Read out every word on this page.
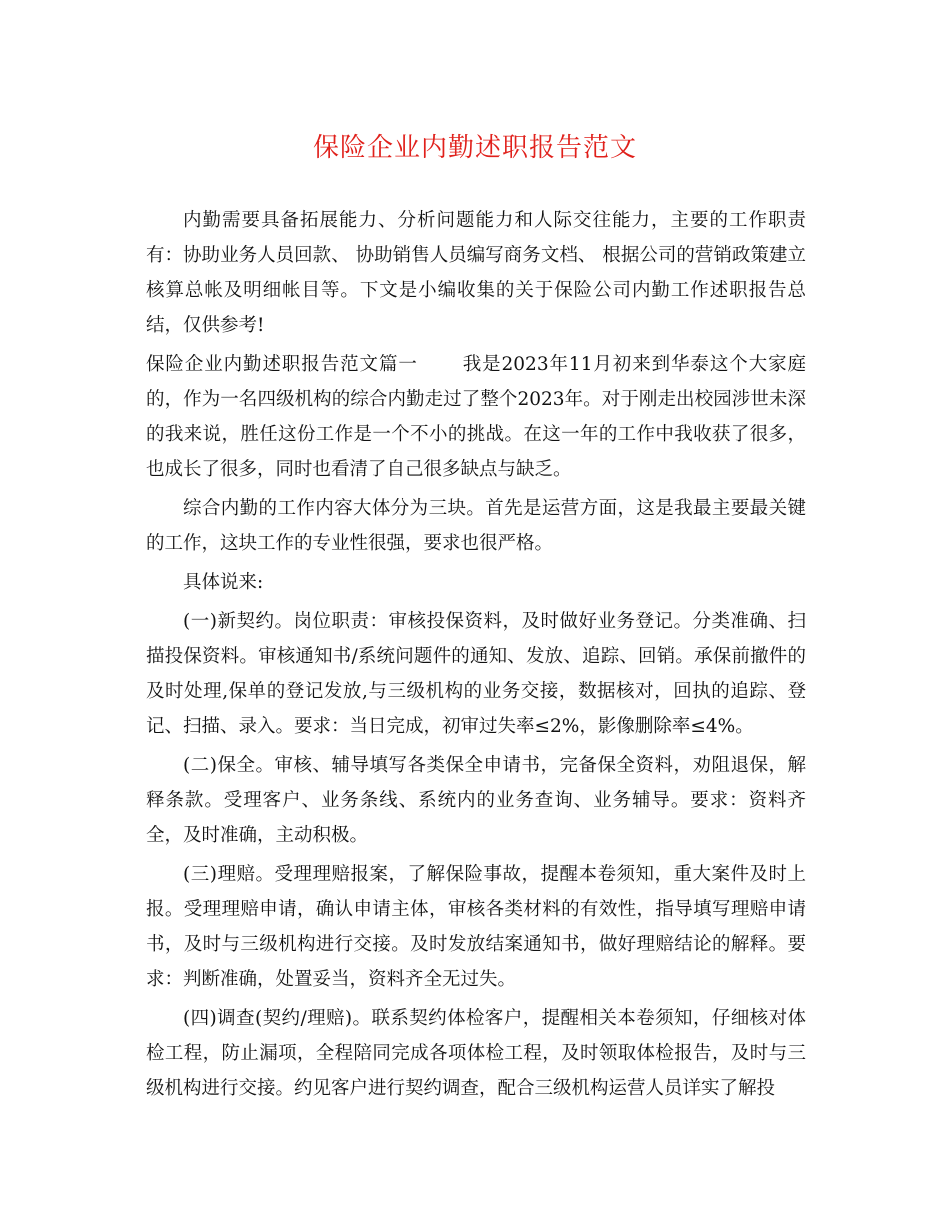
保险企业内勤述职报告范文

内勤需要具备拓展能力、分析问题能力和人际交往能力，主要的工作职责有：协助业务人员回款、 协助销售人员编写商务文档、 根据公司的营销政策建立核算总帐及明细帐目等。下文是小编收集的关于保险公司内勤工作述职报告总结，仅供参考!

保险企业内勤述职报告范文篇一 我是2023年11月初来到华泰这个大家庭的，作为一名四级机构的综合内勤走过了整个2023年。对于刚走出校园涉世未深的我来说，胜任这份工作是一个不小的挑战。在这一年的工作中我收获了很多，也成长了很多，同时也看清了自己很多缺点与缺乏。

综合内勤的工作内容大体分为三块。首先是运营方面，这是我最主要最关键的工作，这块工作的专业性很强，要求也很严格。

具体说来:

(一)新契约。岗位职责：审核投保资料，及时做好业务登记。分类准确、扫描投保资料。审核通知书/系统问题件的通知、发放、追踪、回销。承保前撤件的及时处理,保单的登记发放,与三级机构的业务交接，数据核对，回执的追踪、登记、扫描、录入。要求：当日完成，初审过失率≤2%，影像删除率≤4%。

(二)保全。审核、辅导填写各类保全申请书，完备保全资料，劝阻退保，解释条款。受理客户、业务条线、系统内的业务查询、业务辅导。要求：资料齐全，及时准确，主动积极。

(三)理赔。受理理赔报案，了解保险事故，提醒本卷须知，重大案件及时上报。受理理赔申请，确认申请主体，审核各类材料的有效性，指导填写理赔申请书，及时与三级机构进行交接。及时发放结案通知书，做好理赔结论的解释。要求：判断准确，处置妥当，资料齐全无过失。

(四)调查(契约/理赔)。联系契约体检客户，提醒相关本卷须知，仔细核对体检工程，防止漏项，全程陪同完成各项体检工程，及时领取体检报告，及时与三级机构进行交接。约见客户进行契约调查，配合三级机构运营人员详实了解投
